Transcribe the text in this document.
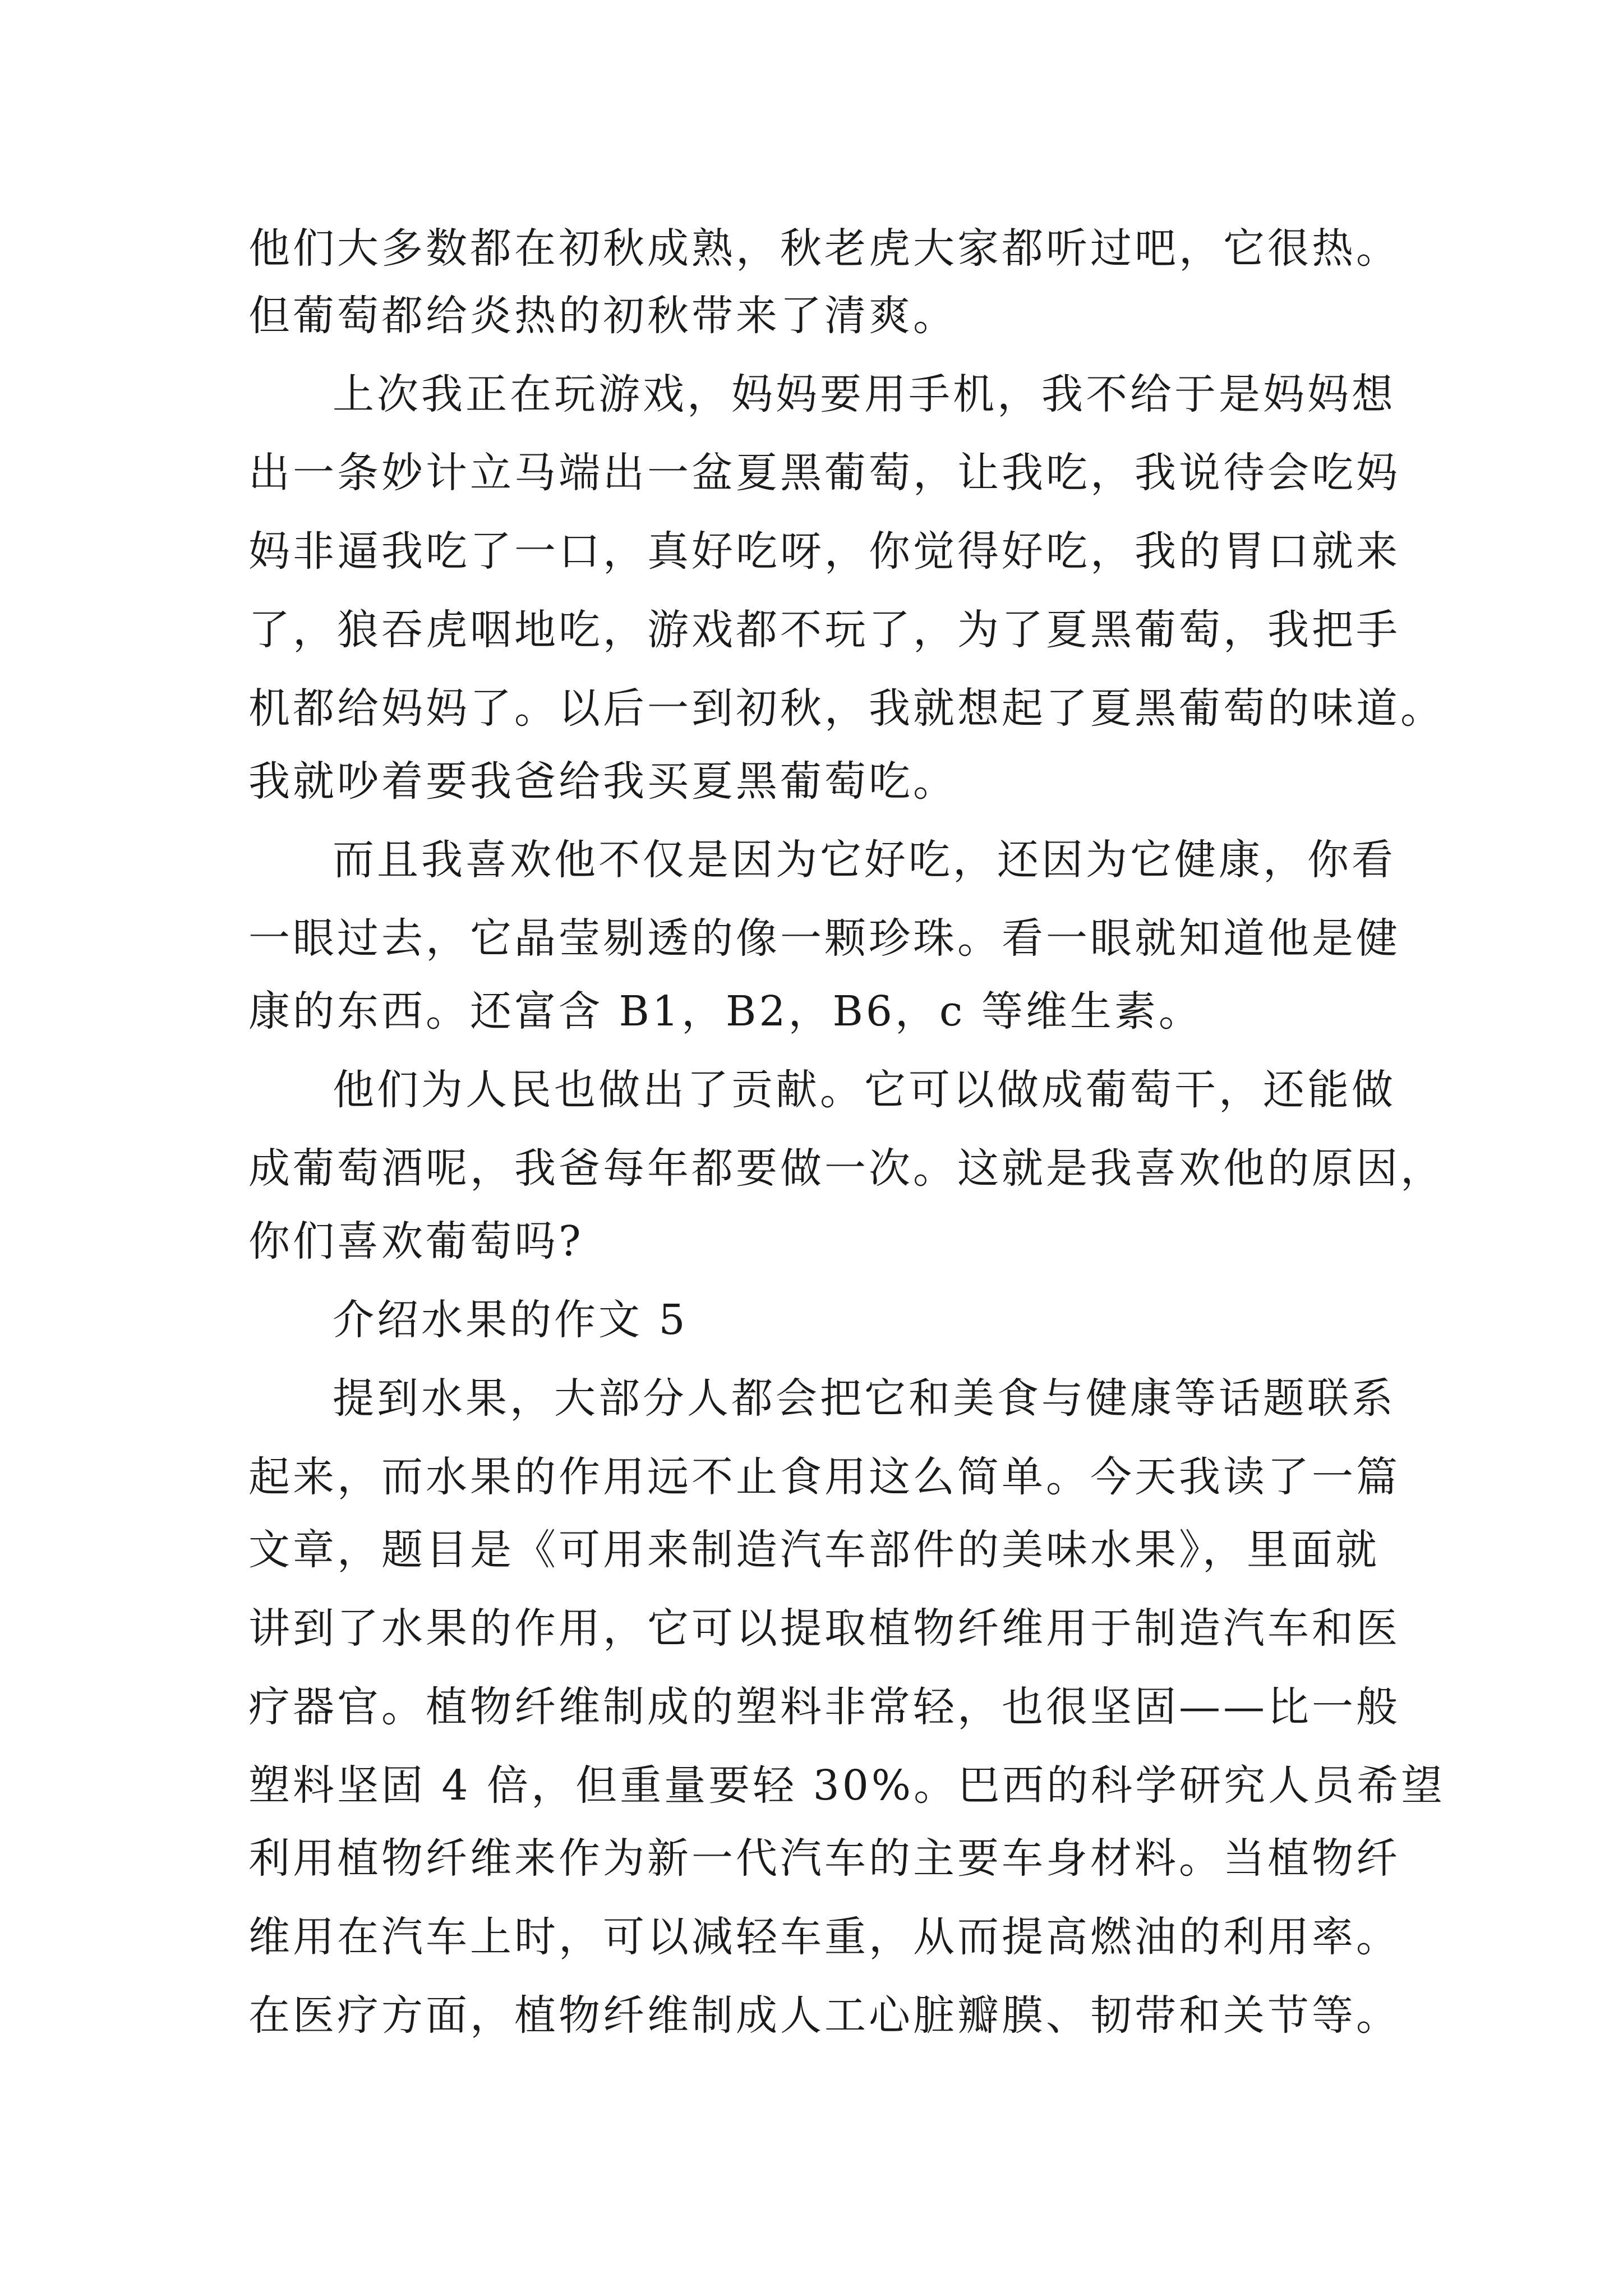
他们大多数都在初秋成熟，秋老虎大家都听过吧，它很热。
但葡萄都给炎热的初秋带来了清爽。
上次我正在玩游戏，妈妈要用手机，我不给于是妈妈想
出一条妙计立马端出一盆夏黑葡萄，让我吃，我说待会吃妈
妈非逼我吃了一口，真好吃呀，你觉得好吃，我的胃口就来
了，狼吞虎咽地吃，游戏都不玩了，为了夏黑葡萄，我把手
机都给妈妈了。以后一到初秋，我就想起了夏黑葡萄的味道。
我就吵着要我爸给我买夏黑葡萄吃。
而且我喜欢他不仅是因为它好吃，还因为它健康，你看
一眼过去，它晶莹剔透的像一颗珍珠。看一眼就知道他是健
康的东西。还富含 B1，B2，B6，c 等维生素。
他们为人民也做出了贡献。它可以做成葡萄干，还能做
成葡萄酒呢，我爸每年都要做一次。这就是我喜欢他的原因，
你们喜欢葡萄吗?
介绍水果的作文 5
提到水果，大部分人都会把它和美食与健康等话题联系
起来，而水果的作用远不止食用这么简单。今天我读了一篇
文章，题目是《可用来制造汽车部件的美味水果》，里面就
讲到了水果的作用，它可以提取植物纤维用于制造汽车和医
疗器官。植物纤维制成的塑料非常轻，也很坚固——比一般
塑料坚固 4 倍，但重量要轻 30%。巴西的科学研究人员希望
利用植物纤维来作为新一代汽车的主要车身材料。当植物纤
维用在汽车上时，可以减轻车重，从而提高燃油的利用率。
在医疗方面，植物纤维制成人工心脏瓣膜、韧带和关节等。
